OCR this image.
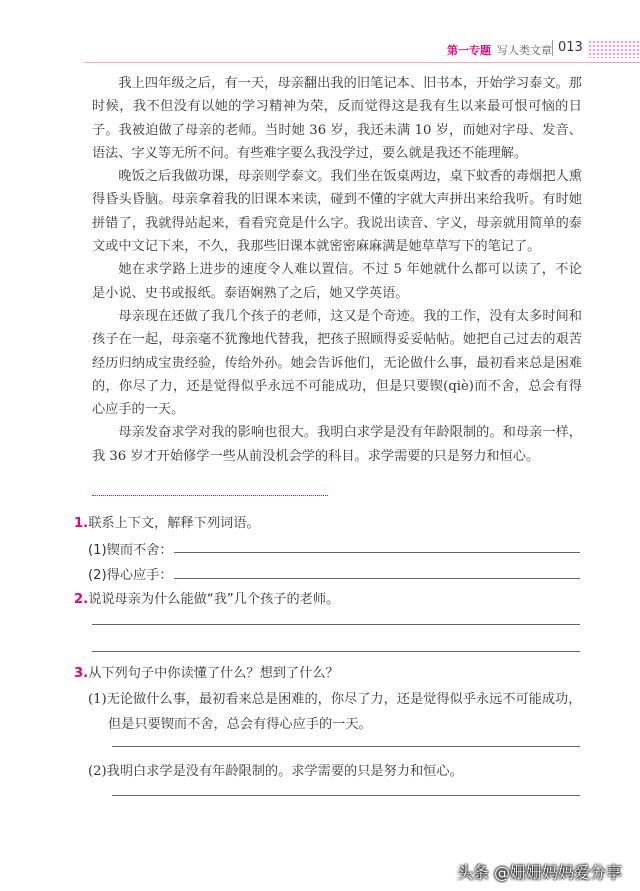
第一专题 写人类文章 013

我上四年级之后，有一天，母亲翻出我的旧笔记本、旧书本，开始学习泰文。那时候，我不但没有以她的学习精神为荣，反而觉得这是我有生以来最可恨可恼的日子。我被迫做了母亲的老师。当时她 36 岁，我还未满 10 岁，而她对字母、发音、语法、字义等无所不问。有些难字要么我没学过，要么就是我还不能理解。

晚饭之后我做功课，母亲则学泰文。我们坐在饭桌两边，桌下蚊香的毒烟把人熏得昏头昏脑。母亲拿着我的旧课本来读，碰到不懂的字就大声拼出来给我听。有时她拼错了，我就得站起来，看看究竟是什么字。我说出读音、字义，母亲就用简单的泰文或中文记下来，不久，我那些旧课本就密密麻麻满是她草草写下的笔记了。

她在求学路上进步的速度令人难以置信。不过 5 年她就什么都可以读了，不论是小说、史书或报纸。泰语娴熟了之后，她又学英语。

母亲现在还做了我几个孩子的老师，这又是个奇迹。我的工作，没有太多时间和孩子在一起，母亲毫不犹豫地代替我，把孩子照顾得妥妥帖帖。她把自己过去的艰苦经历归纳成宝贵经验，传给外孙。她会告诉他们，无论做什么事，最初看来总是困难的，你尽了力，还是觉得似乎永远不可能成功，但是只要锲(qiè)而不舍，总会有得心应手的一天。

母亲发奋求学对我的影响也很大。我明白求学是没有年龄限制的。和母亲一样，我 36 岁才开始修学一些从前没机会学的科目。求学需要的只是努力和恒心。

1.联系上下文，解释下列词语。
(1)锲而不舍：
(2)得心应手：
2.说说母亲为什么能做“我”几个孩子的老师。
3.从下列句子中你读懂了什么？想到了什么？
(1)无论做什么事，最初看来总是困难的，你尽了力，还是觉得似乎永远不可能成功，
但是只要锲而不舍，总会有得心应手的一天。
(2)我明白求学是没有年龄限制的。求学需要的只是努力和恒心。
头条 @姗姗妈妈爱分享
